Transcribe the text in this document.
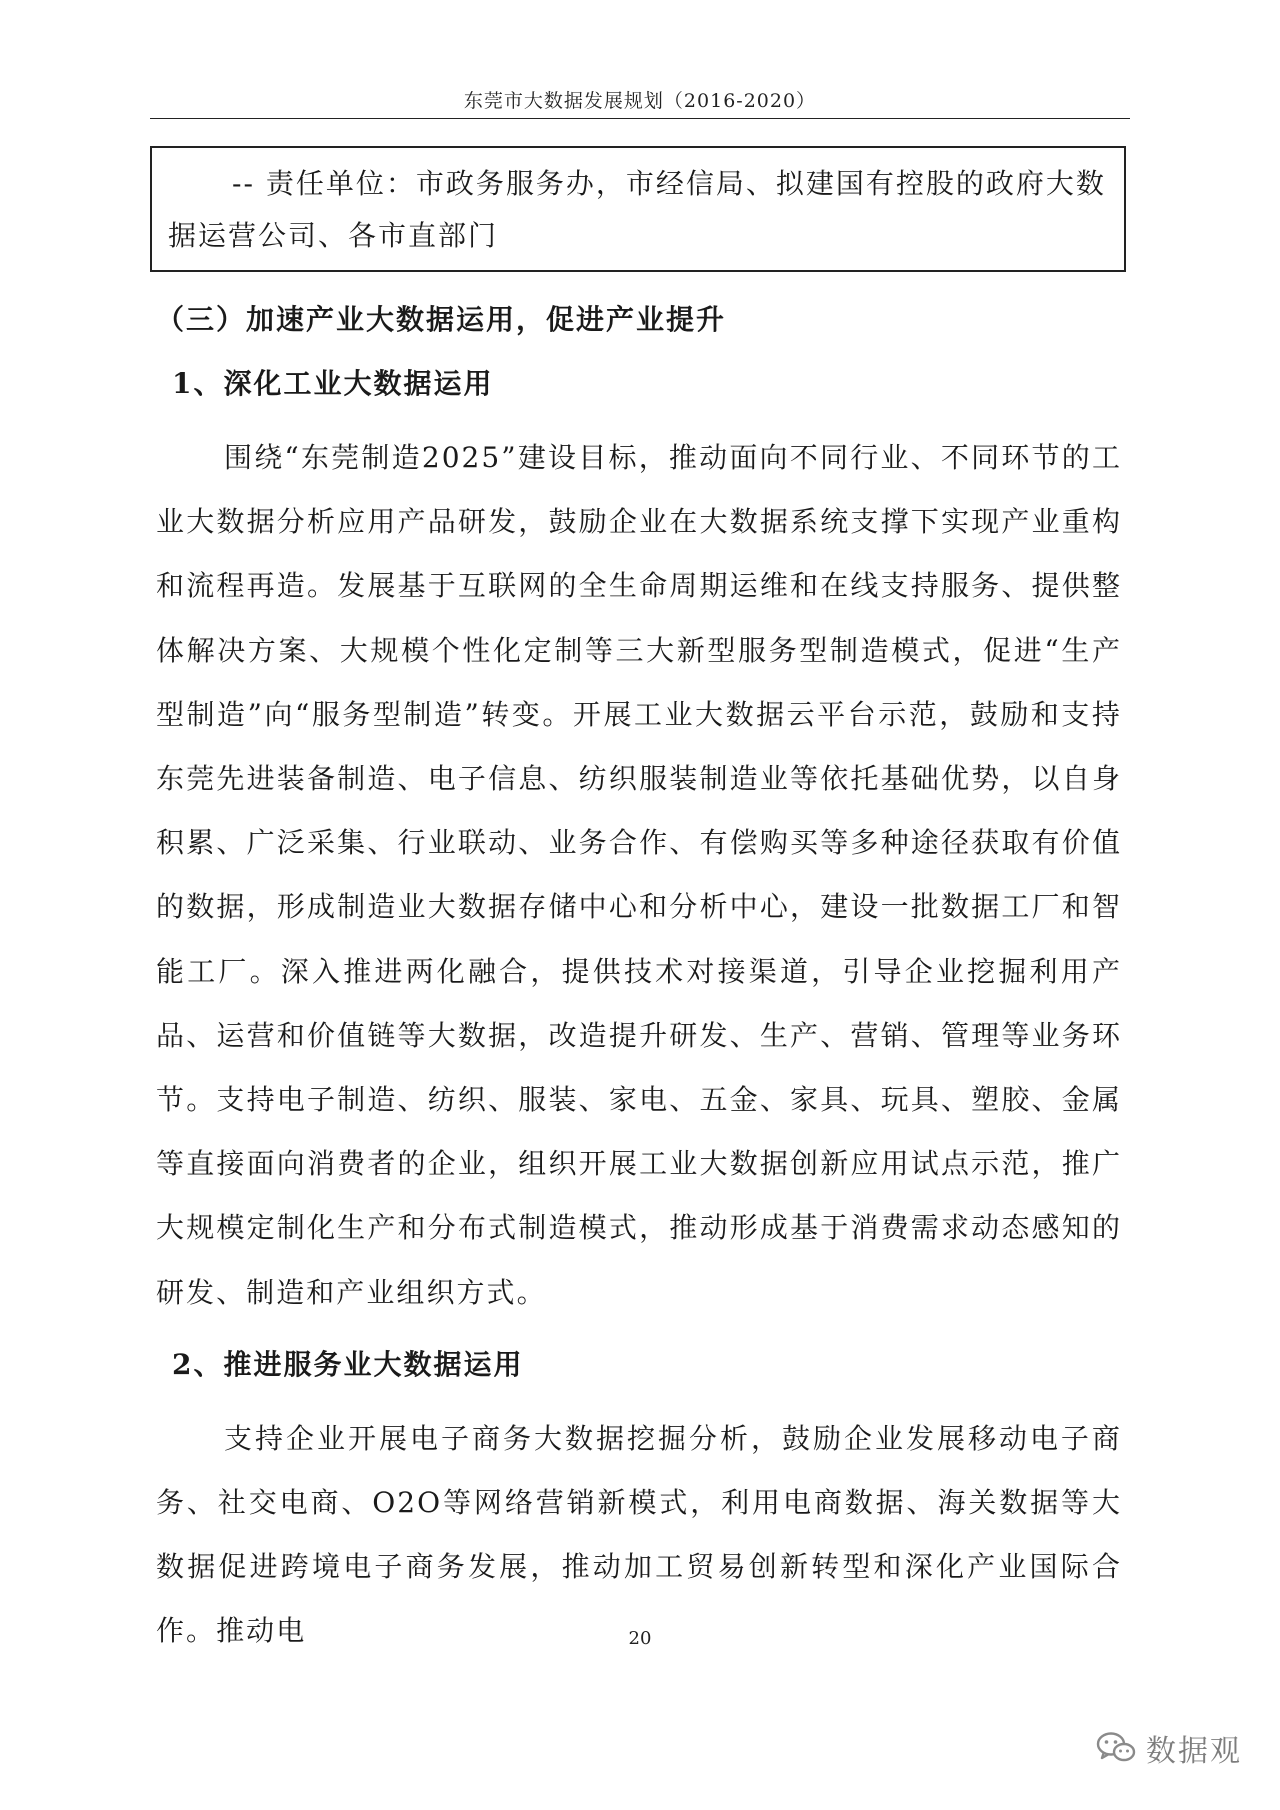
东莞市大数据发展规划（2016-2020）
-- 责任单位：市政务服务办，市经信局、拟建国有控股的政府大数据运营公司、各市直部门
（三）加速产业大数据运用，促进产业提升
1、深化工业大数据运用

围绕“东莞制造2025”建设目标，推动面向不同行业、不同环节的工业大数据分析应用产品研发，鼓励企业在大数据系统支撑下实现产业重构和流程再造。发展基于互联网的全生命周期运维和在线支持服务、提供整体解决方案、大规模个性化定制等三大新型服务型制造模式，促进“生产型制造”向“服务型制造”转变。开展工业大数据云平台示范，鼓励和支持东莞先进装备制造、电子信息、纺织服装制造业等依托基础优势，以自身积累、广泛采集、行业联动、业务合作、有偿购买等多种途径获取有价值的数据，形成制造业大数据存储中心和分析中心，建设一批数据工厂和智能工厂。深入推进两化融合，提供技术对接渠道，引导企业挖掘利用产品、运营和价值链等大数据，改造提升研发、生产、营销、管理等业务环节。支持电子制造、纺织、服装、家电、五金、家具、玩具、塑胶、金属等直接面向消费者的企业，组织开展工业大数据创新应用试点示范，推广大规模定制化生产和分布式制造模式，推动形成基于消费需求动态感知的研发、制造和产业组织方式。

2、推进服务业大数据运用

支持企业开展电子商务大数据挖掘分析，鼓励企业发展移动电子商务、社交电商、O2O等网络营销新模式，利用电商数据、海关数据等大数据促进跨境电子商务发展，推动加工贸易创新转型和深化产业国际合作。推动电	20
数据观
